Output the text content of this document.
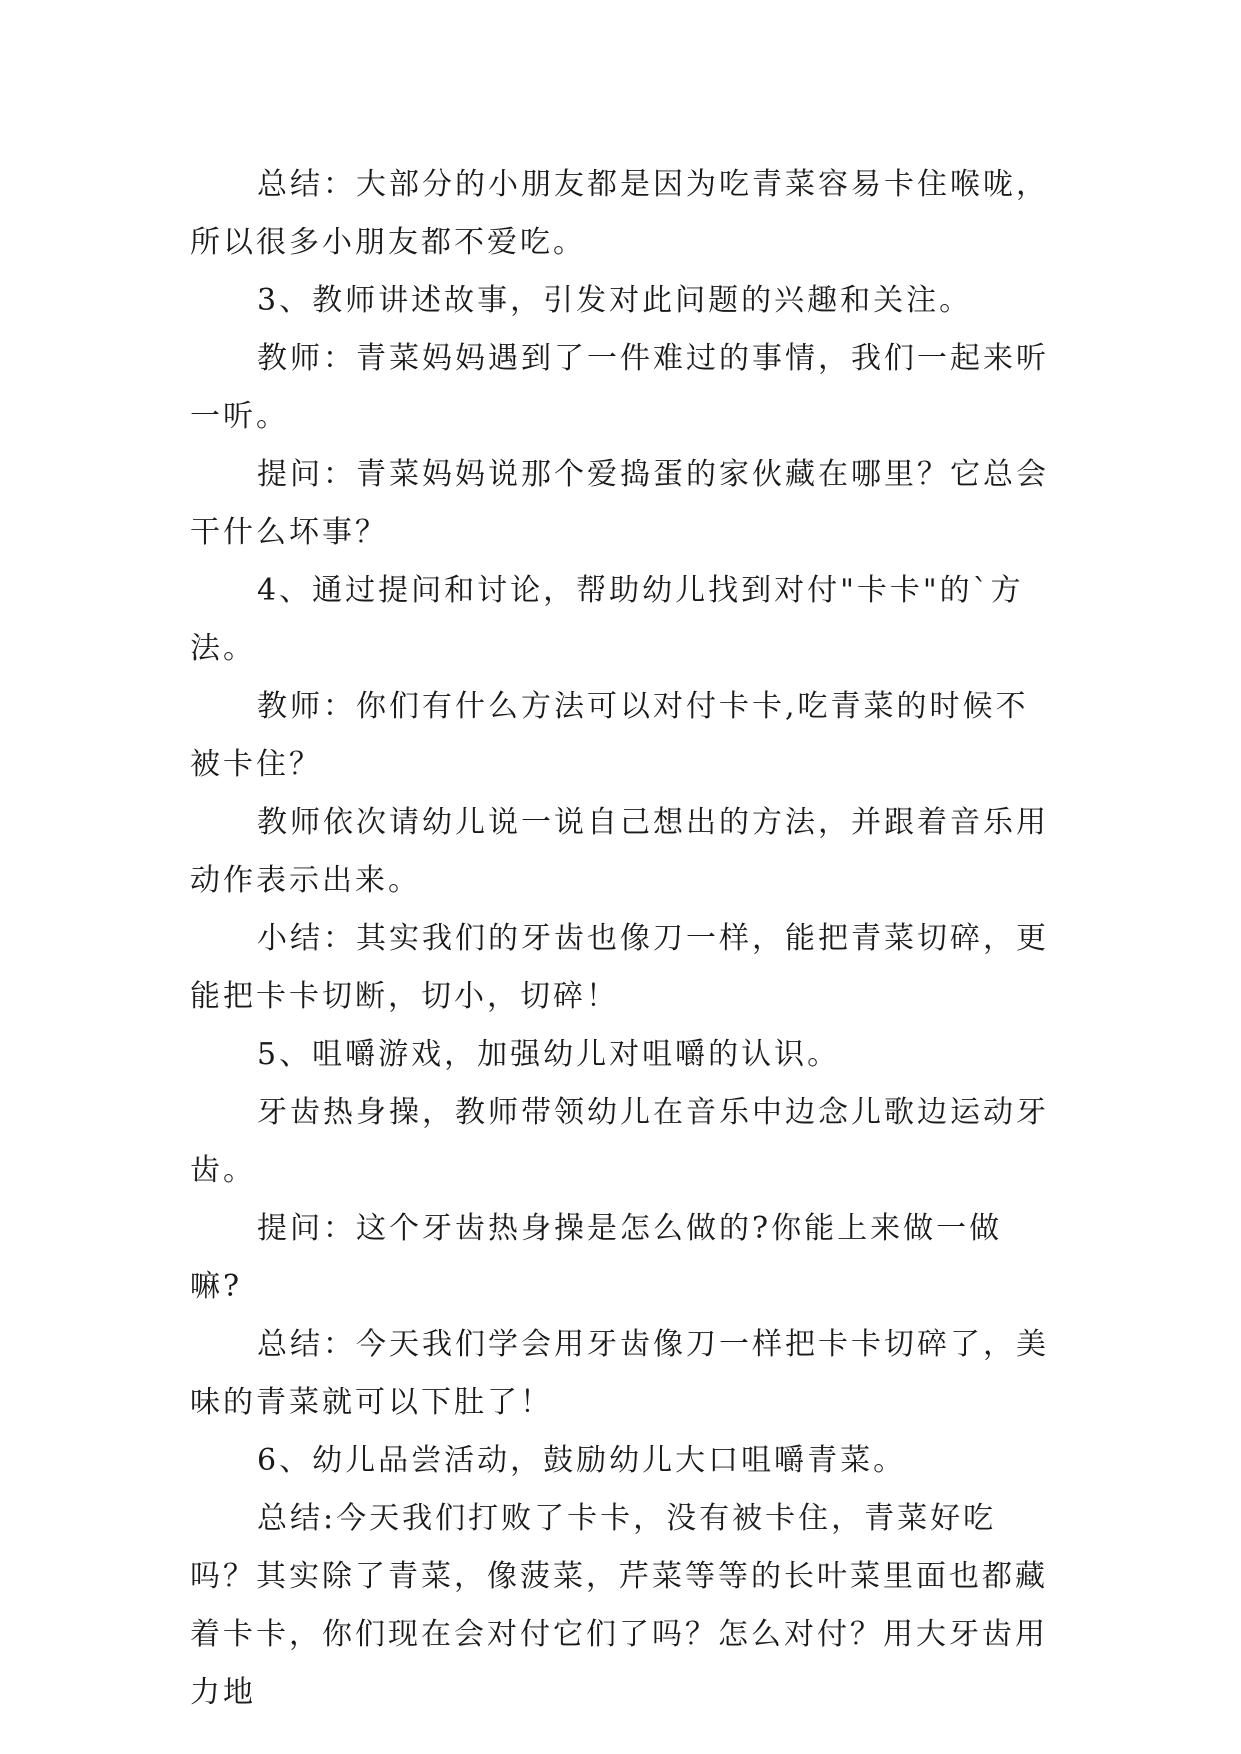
总结：大部分的小朋友都是因为吃青菜容易卡住喉咙，所以很多小朋友都不爱吃。

3、教师讲述故事，引发对此问题的兴趣和关注。

教师：青菜妈妈遇到了一件难过的事情，我们一起来听一听。

提问：青菜妈妈说那个爱捣蛋的家伙藏在哪里？它总会干什么坏事？

4、通过提问和讨论，帮助幼儿找到对付"卡卡"的`方法。

教师：你们有什么方法可以对付卡卡,吃青菜的时候不被卡住？

教师依次请幼儿说一说自己想出的方法，并跟着音乐用动作表示出来。

小结：其实我们的牙齿也像刀一样，能把青菜切碎，更能把卡卡切断，切小，切碎！

5、咀嚼游戏，加强幼儿对咀嚼的认识。

牙齿热身操，教师带领幼儿在音乐中边念儿歌边运动牙齿。

提问：这个牙齿热身操是怎么做的?你能上来做一做嘛?

总结：今天我们学会用牙齿像刀一样把卡卡切碎了，美味的青菜就可以下肚了！

6、幼儿品尝活动，鼓励幼儿大口咀嚼青菜。

总结:今天我们打败了卡卡，没有被卡住，青菜好吃吗？其实除了青菜，像菠菜，芹菜等等的长叶菜里面也都藏着卡卡，你们现在会对付它们了吗？怎么对付？用大牙齿用力地
